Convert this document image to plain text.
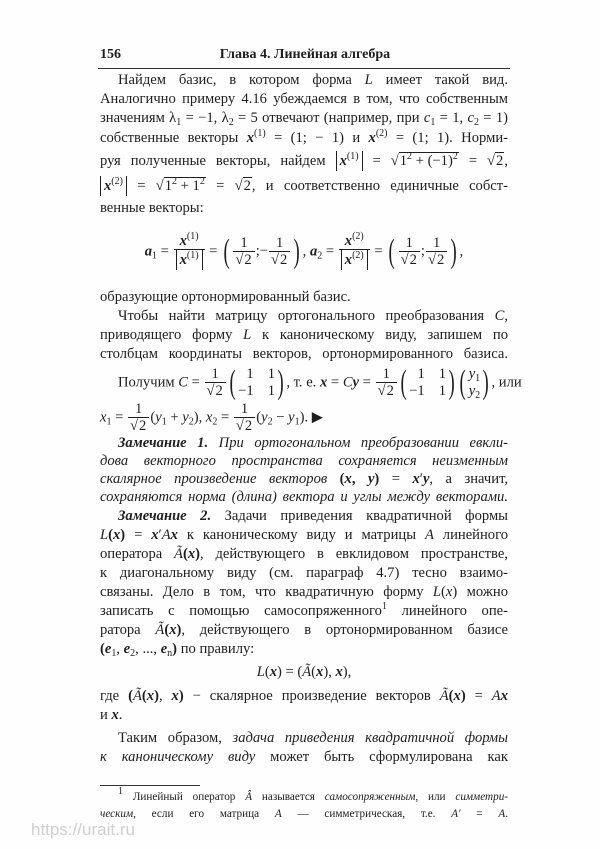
156	Глава 4. Линейная алгебра
Найдем базис, в котором форма L имеет такой вид.
Аналогично примеру 4.16 убеждаемся в том, что собственным
значениям $\lambda_1 = -1$, $\lambda_2 = 5$ отвечают (например, при $c_1 = 1$, $c_2 = 1$)
собственные векторы $x^{(1)} = (1$; − 1) и $x^{(2)} = (1$; 1). Норми-
руя полученные векторы, найдем $x^{(1)} = √1^2 + (-1)^2 = √2$,
$x^{(2)} = √1^2 + 1^2 = √2$, и соответственно единичные собст-
венные векторы:
$a_1 = \frac{x^{(1)}}{x^{(1)}}$ = ( $\frac{1}{√2}$ ;− $\frac{1}{√2}$ ) , $a_2 = \frac{x^{(2)}}{x^{(2)}}$ = ( $\frac{1}{√2}$ ; $\frac{1}{√2}$ ) ,
образующие ортонормированный базис.
Чтобы найти матрицу ортогонального преобразования C,
приводящего форму L к каноническому виду, запишем по
столбцам координаты векторов, ортонормированного базиса.
Получим $C = \frac{1}{√2}$ ( 1 1
−1 1 ) , т. е. $x = Cy = \frac{1}{√2}$ ( 1 1
−1 1 ) ( $y_1$
$y_2$ ) , или
$x_1 = \frac{1}{√2} (y_1 + y_2)$, $x_2 = \frac{1}{√2} (y_2 - y_1)$. ▶
Замечание 1. При ортогональном преобразовании евкли-
дова векторного пространства сохраняется неизменным
скалярное произведение векторов (x, y) = x′y, а значит,
сохраняются норма (длина) вектора и углы между векторами.
Замечание 2. Задачи приведения квадратичной формы
L(x) = x′Ax к каноническому виду и матрицы A линейного
оператора Ã(x), действующего в евклидовом пространстве,
к диагональному виду (см. параграф 4.7) тесно взаимо-
связаны. Дело в том, что квадратичную форму L(x) можно
записать с помощью самосопряженного$^1$ линейного опе-
ратора Ã(x), действующего в ортонормированном базисе
($e_1$, $e_2$, ..., $e_n$) по правилу:
L(x) = (Ã(x), x),
где (Ã(x), x) − скалярное произведение векторов Ã(x) = Ax
и x.
Таким образом, задача приведения квадратичной формы
к каноническому виду может быть сформулирована как
1 Линейный оператор Â называется самосопряженным, или симметри-
ческим, если его матрица A — симметрическая, т.е. A′ = A.
https://urait.ru
